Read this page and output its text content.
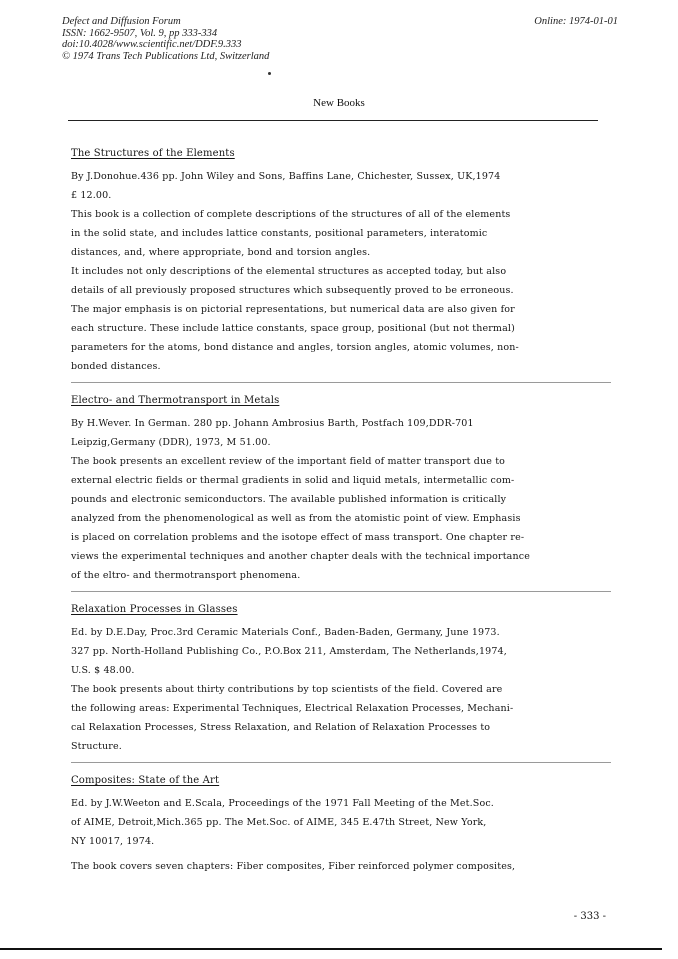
Defect and Diffusion Forum
ISSN: 1662-9507, Vol. 9, pp 333-334
doi:10.4028/www.scientific.net/DDF.9.333
© 1974 Trans Tech Publications Ltd, Switzerland
Online: 1974-01-01
New Books
The Structures of the Elements
By J.Donohue.436 pp. John Wiley and Sons, Baffins Lane, Chichester, Sussex, UK,1974
£ 12.00.
This book is a collection of complete descriptions of the structures of all of the elements
in the solid state, and includes lattice constants, positional parameters, interatomic
distances, and, where appropriate, bond and torsion angles.
It includes not only descriptions of the elemental structures as accepted today, but also
details of all previously proposed structures which subsequently proved to be erroneous.
The major emphasis is on pictorial representations, but numerical data are also given for
each structure. These include lattice constants, space group, positional (but not thermal)
parameters for the atoms, bond distance and angles, torsion angles, atomic volumes, non-
bonded distances.
Electro- and Thermotransport in Metals
By H.Wever. In German. 280 pp. Johann Ambrosius Barth, Postfach 109,DDR-701
Leipzig,Germany (DDR), 1973, M 51.00.
The book presents an excellent review of the important field of matter transport due to
external electric fields or thermal gradients in solid and liquid metals, intermetallic com-
pounds and electronic semiconductors. The available published information is critically
analyzed from the phenomenological as well as from the atomistic point of view. Emphasis
is placed on correlation problems and the isotope effect of mass transport. One chapter re-
views the experimental techniques and another chapter deals with the technical importance
of the eltro- and thermotransport phenomena.
Relaxation Processes in Glasses
Ed. by D.E.Day, Proc.3rd Ceramic Materials Conf., Baden-Baden, Germany, June 1973.
327 pp. North-Holland Publishing Co., P.O.Box 211, Amsterdam, The Netherlands,1974,
U.S. $ 48.00.
The book presents about thirty contributions by top scientists of the field. Covered are
the following areas: Experimental Techniques, Electrical Relaxation Processes, Mechani-
cal Relaxation Processes, Stress Relaxation, and Relation of Relaxation Processes to
Structure.
Composites: State of the Art
Ed. by J.W.Weeton and E.Scala, Proceedings of the 1971 Fall Meeting of the Met.Soc.
of AIME, Detroit,Mich.365 pp. The Met.Soc. of AIME, 345 E.47th Street, New York,
NY 10017, 1974.
The book covers seven chapters: Fiber composites, Fiber reinforced polymer composites,
- 333 -
